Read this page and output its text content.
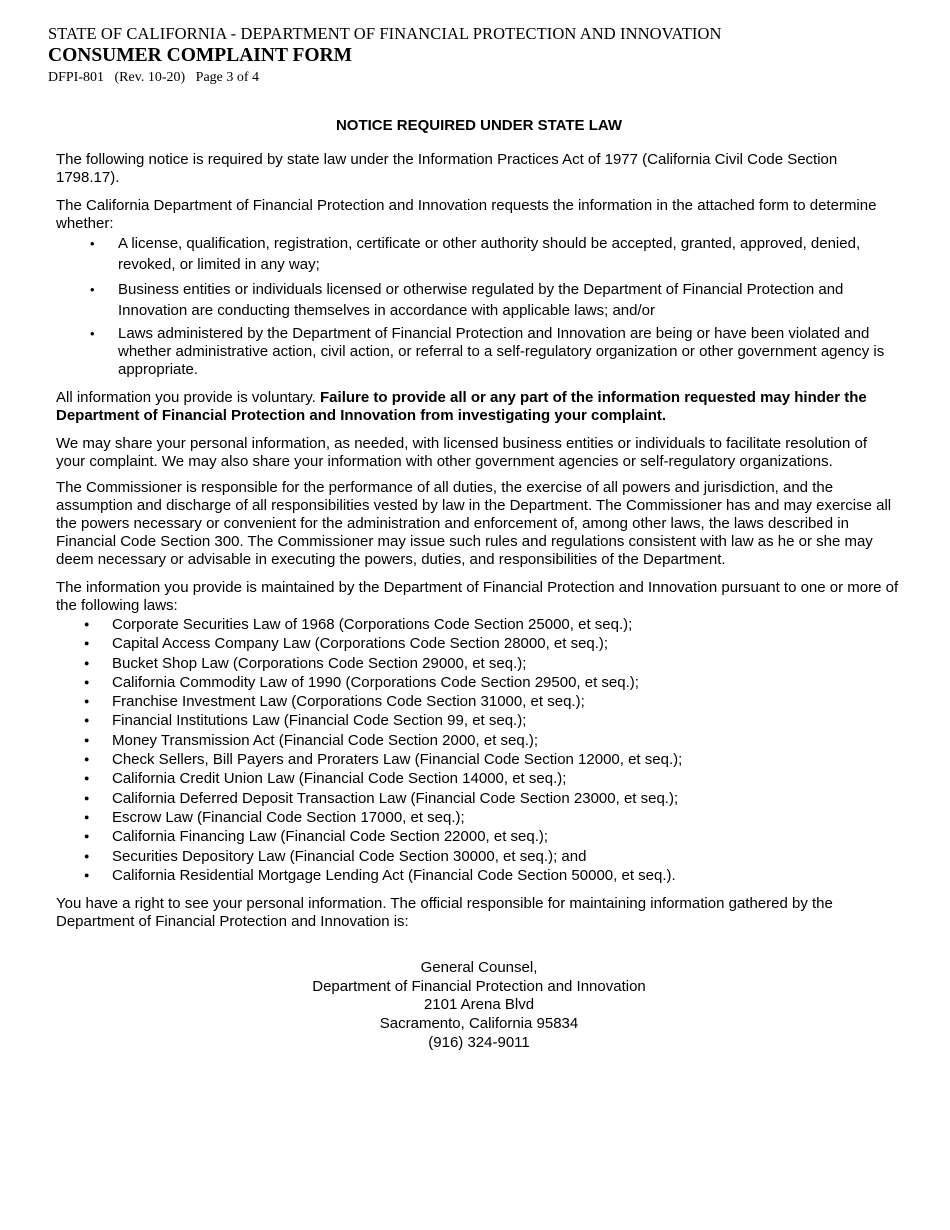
STATE OF CALIFORNIA - DEPARTMENT OF FINANCIAL PROTECTION AND INNOVATION
CONSUMER COMPLAINT FORM
DFPI-801 (Rev. 10-20) Page 3 of 4
NOTICE REQUIRED UNDER STATE LAW

The following notice is required by state law under the Information Practices Act of 1977 (California Civil Code Section 1798.17).

The California Department of Financial Protection and Innovation requests the information in the attached form to determine whether:

• A license, qualification, registration, certificate or other authority should be accepted, granted, approved, denied, revoked, or limited in any way;
• Business entities or individuals licensed or otherwise regulated by the Department of Financial Protection and Innovation are conducting themselves in accordance with applicable laws; and/or
• Laws administered by the Department of Financial Protection and Innovation are being or have been violated and whether administrative action, civil action, or referral to a self-regulatory organization or other government agency is appropriate.

All information you provide is voluntary. Failure to provide all or any part of the information requested may hinder the Department of Financial Protection and Innovation from investigating your complaint.

We may share your personal information, as needed, with licensed business entities or individuals to facilitate resolution of your complaint. We may also share your information with other government agencies or self-regulatory organizations.

The Commissioner is responsible for the performance of all duties, the exercise of all powers and jurisdiction, and the assumption and discharge of all responsibilities vested by law in the Department. The Commissioner has and may exercise all the powers necessary or convenient for the administration and enforcement of, among other laws, the laws described in Financial Code Section 300. The Commissioner may issue such rules and regulations consistent with law as he or she may deem necessary or advisable in executing the powers, duties, and responsibilities of the Department.

The information you provide is maintained by the Department of Financial Protection and Innovation pursuant to one or more of the following laws:

● Corporate Securities Law of 1968 (Corporations Code Section 25000, et seq.);
● Capital Access Company Law (Corporations Code Section 28000, et seq.);
● Bucket Shop Law (Corporations Code Section 29000, et seq.);
● California Commodity Law of 1990 (Corporations Code Section 29500, et seq.);
● Franchise Investment Law (Corporations Code Section 31000, et seq.);
● Financial Institutions Law (Financial Code Section 99, et seq.);
● Money Transmission Act (Financial Code Section 2000, et seq.);
● Check Sellers, Bill Payers and Proraters Law (Financial Code Section 12000, et seq.);
● California Credit Union Law (Financial Code Section 14000, et seq.);
● California Deferred Deposit Transaction Law (Financial Code Section 23000, et seq.);
● Escrow Law (Financial Code Section 17000, et seq.);
● California Financing Law (Financial Code Section 22000, et seq.);
● Securities Depository Law (Financial Code Section 30000, et seq.); and
● California Residential Mortgage Lending Act (Financial Code Section 50000, et seq.).

You have a right to see your personal information. The official responsible for maintaining information gathered by the Department of Financial Protection and Innovation is:

General Counsel,
Department of Financial Protection and Innovation
2101 Arena Blvd
Sacramento, California 95834
(916) 324-9011
